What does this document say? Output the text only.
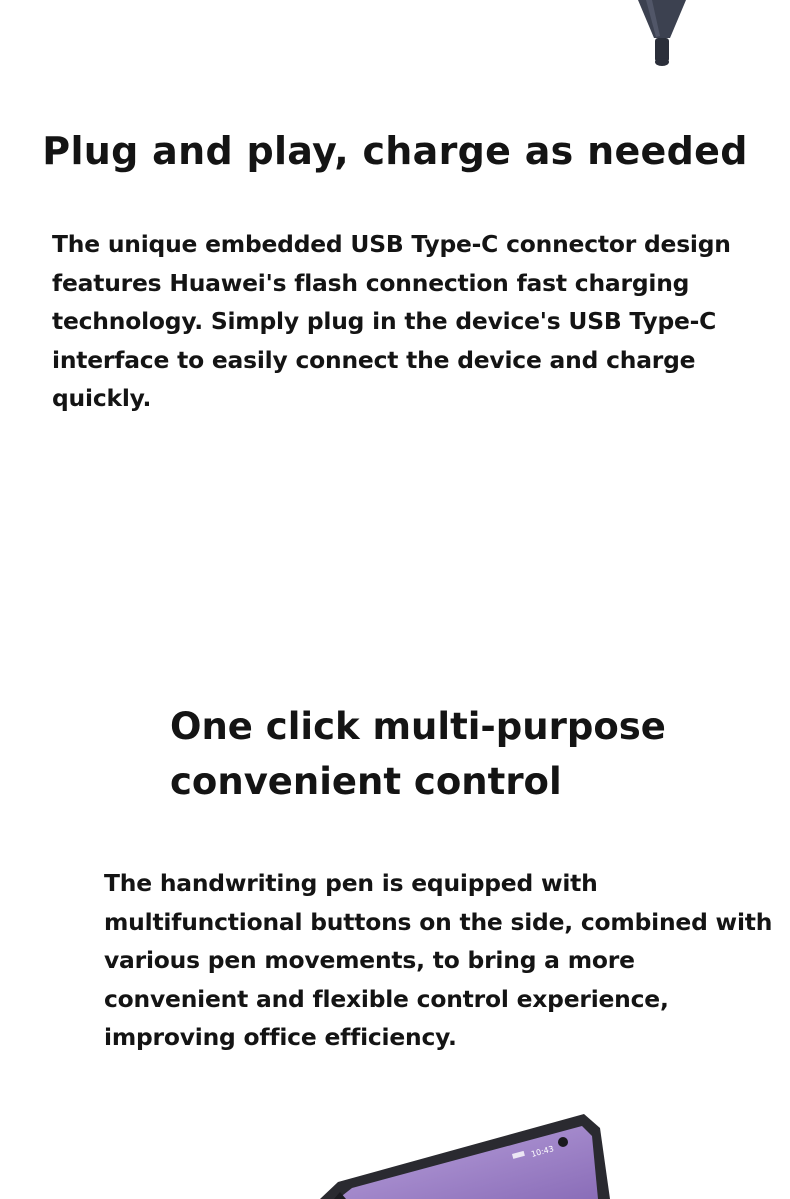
Plug and play, charge as needed

The unique embedded USB Type-C connector design features Huawei's flash connection fast charging technology. Simply plug in the device's USB Type-C interface to easily connect the device and charge quickly.

One click multi-purpose convenient control

The handwriting pen is equipped with multifunctional buttons on the side, combined with various pen movements, to bring a more convenient and flexible control experience, improving office efficiency.

10:43
